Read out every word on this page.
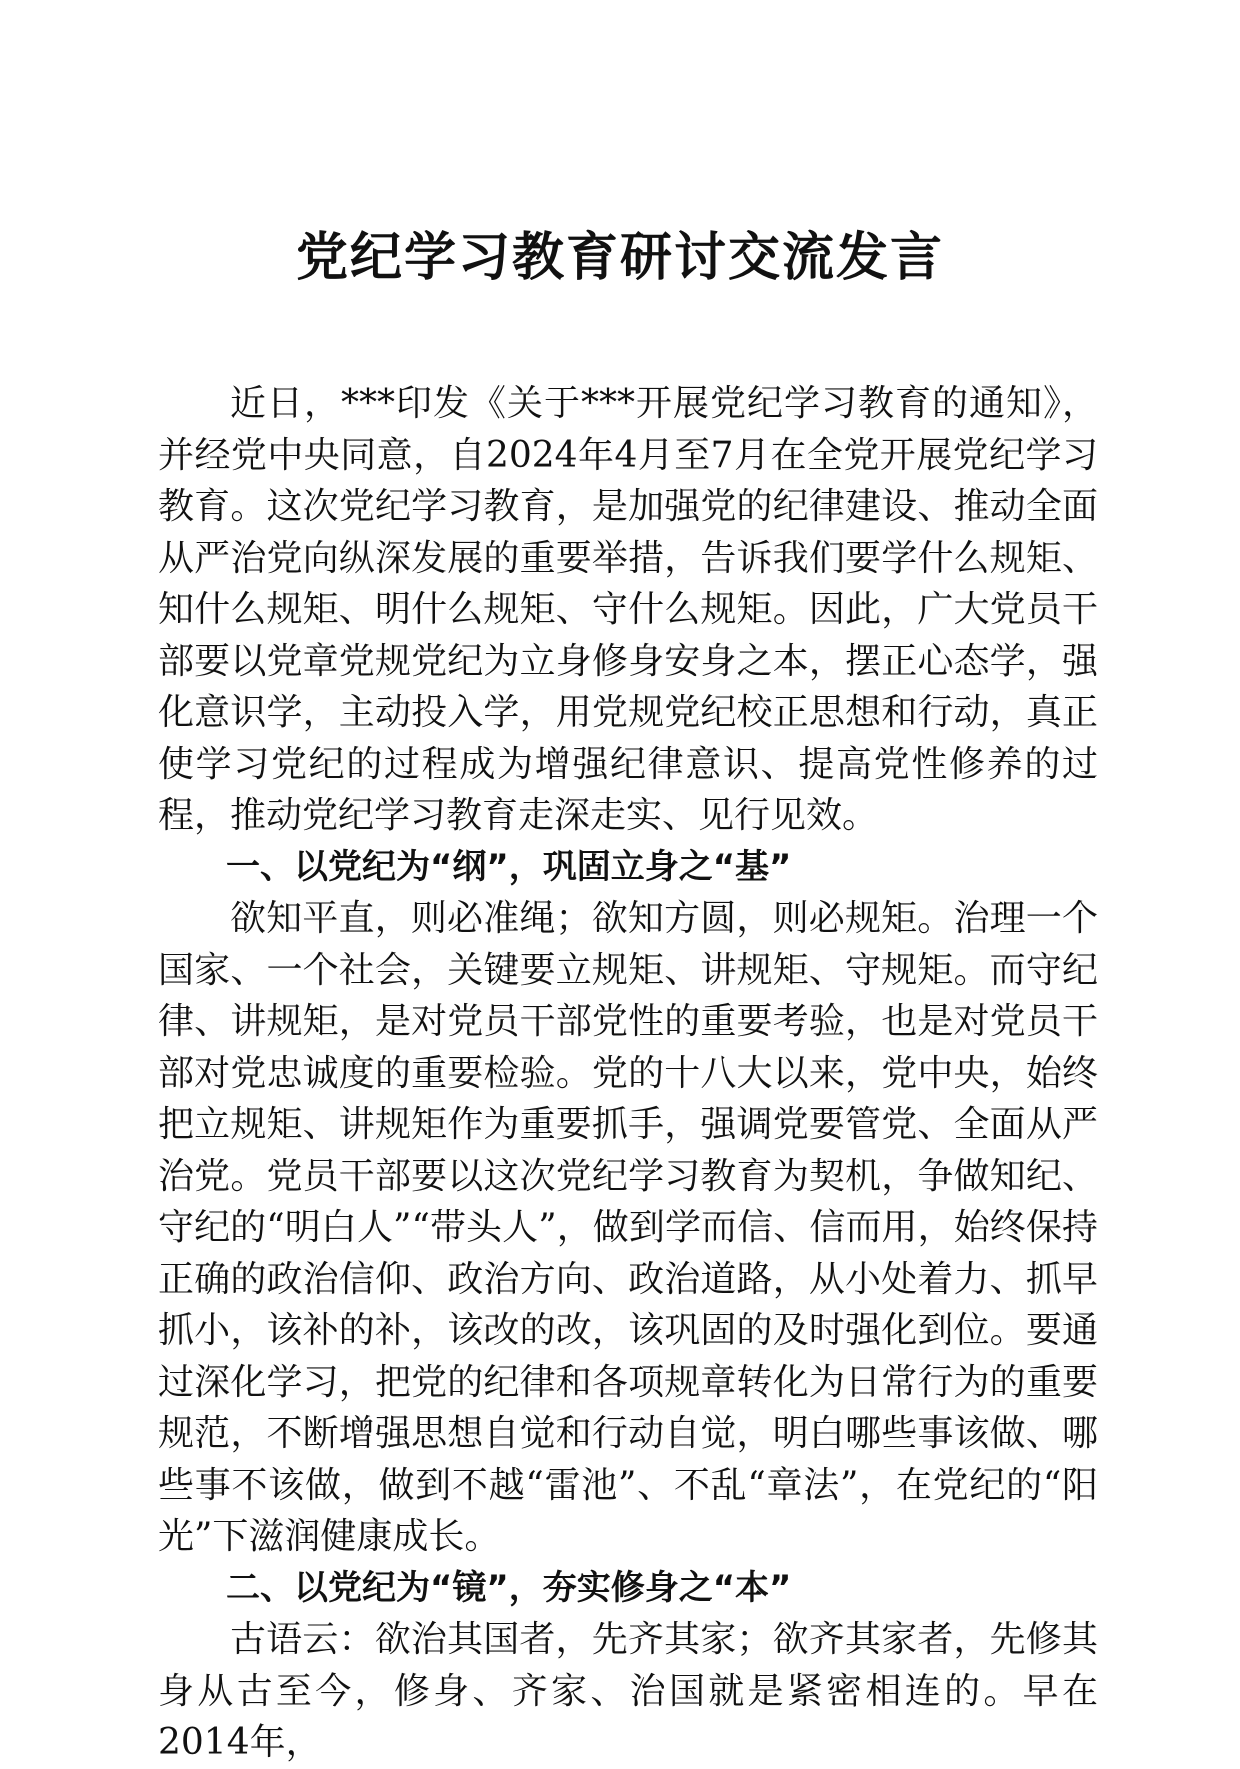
党纪学习教育研讨交流发言

近日，***印发《关于***开展党纪学习教育的通知》，并经党中央同意，自2024年4月至7月在全党开展党纪学习教育。这次党纪学习教育，是加强党的纪律建设、推动全面从严治党向纵深发展的重要举措，告诉我们要学什么规矩、知什么规矩、明什么规矩、守什么规矩。因此，广大党员干部要以党章党规党纪为立身修身安身之本，摆正心态学，强化意识学，主动投入学，用党规党纪校正思想和行动，真正使学习党纪的过程成为增强纪律意识、提高党性修养的过程，推动党纪学习教育走深走实、见行见效。

一、以党纪为“纲”，巩固立身之“基”

欲知平直，则必准绳；欲知方圆，则必规矩。治理一个国家、一个社会，关键要立规矩、讲规矩、守规矩。而守纪律、讲规矩，是对党员干部党性的重要考验，也是对党员干部对党忠诚度的重要检验。党的十八大以来，党中央，始终把立规矩、讲规矩作为重要抓手，强调党要管党、全面从严治党。党员干部要以这次党纪学习教育为契机，争做知纪、守纪的“明白人”“带头人”，做到学而信、信而用，始终保持正确的政治信仰、政治方向、政治道路，从小处着力、抓早抓小，该补的补，该改的改，该巩固的及时强化到位。要通过深化学习，把党的纪律和各项规章转化为日常行为的重要规范，不断增强思想自觉和行动自觉，明白哪些事该做、哪些事不该做，做到不越“雷池”、不乱“章法”，在党纪的“阳光”下滋润健康成长。

二、以党纪为“镜”，夯实修身之“本”

古语云：欲治其国者，先齐其家；欲齐其家者，先修其身从古至今，修身、齐家、治国就是紧密相连的。早在2014年，
